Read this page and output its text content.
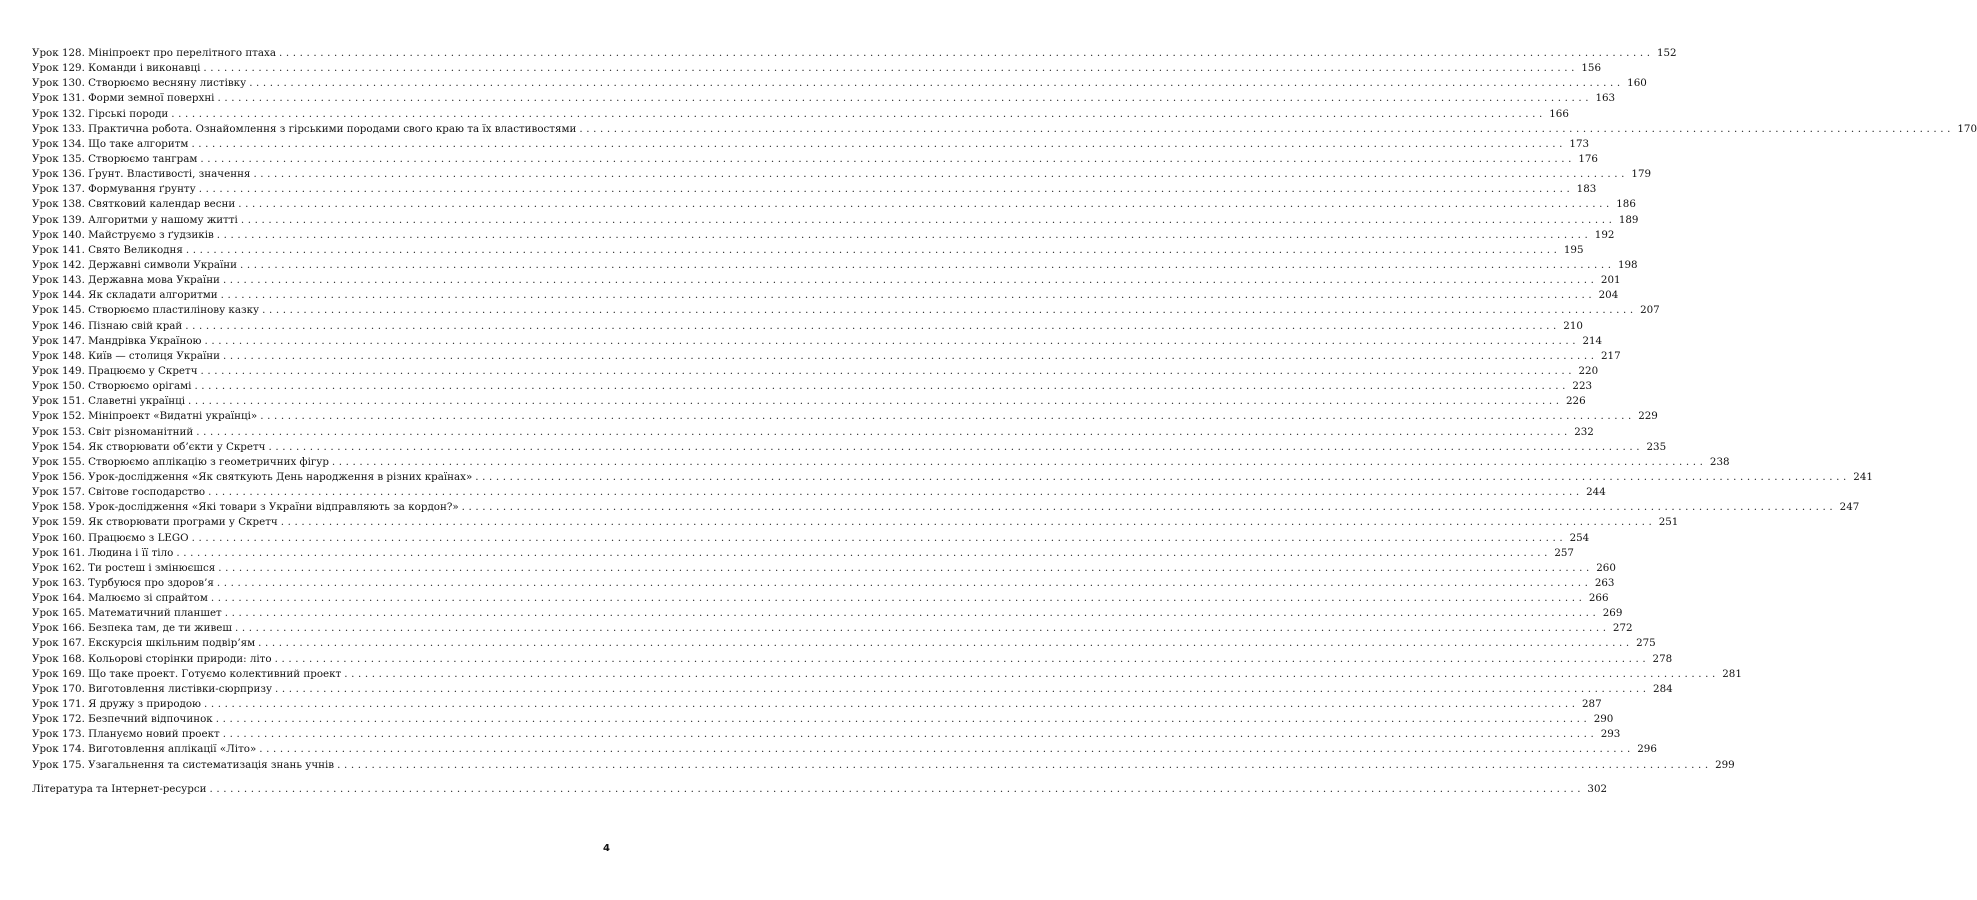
Урок 128. Мініпроект про перелітного птаха ........................................................................................................................................................................................................ 152
Урок 129. Команди і виконавці ........................................................................................................................................................................................................ 156
Урок 130. Створюємо весняну листівку ........................................................................................................................................................................................................ 160
Урок 131. Форми земної поверхні ........................................................................................................................................................................................................ 163
Урок 132. Гірські породи ........................................................................................................................................................................................................ 166
Урок 133. Практична робота. Ознайомлення з гірськими породами свого краю та їх властивостями ........................................................................................................................................................................................................ 170
Урок 134. Що таке алгоритм ........................................................................................................................................................................................................ 173
Урок 135. Створюємо танграм ........................................................................................................................................................................................................ 176
Урок 136. Ґрунт. Властивості, значення ........................................................................................................................................................................................................ 179
Урок 137. Формування ґрунту ........................................................................................................................................................................................................ 183
Урок 138. Святковий календар весни ........................................................................................................................................................................................................ 186
Урок 139. Алгоритми у нашому житті ........................................................................................................................................................................................................ 189
Урок 140. Майструємо з ґудзиків ........................................................................................................................................................................................................ 192
Урок 141. Свято Великодня ........................................................................................................................................................................................................ 195
Урок 142. Державні символи України ........................................................................................................................................................................................................ 198
Урок 143. Державна мова України ........................................................................................................................................................................................................ 201
Урок 144. Як складати алгоритми ........................................................................................................................................................................................................ 204
Урок 145. Створюємо пластилінову казку ........................................................................................................................................................................................................ 207
Урок 146. Пізнаю свій край ........................................................................................................................................................................................................ 210
Урок 147. Мандрівка Україною ........................................................................................................................................................................................................ 214
Урок 148. Київ — столиця України ........................................................................................................................................................................................................ 217
Урок 149. Працюємо у Скретч ........................................................................................................................................................................................................ 220
Урок 150. Створюємо орігамі ........................................................................................................................................................................................................ 223
Урок 151. Славетні українці ........................................................................................................................................................................................................ 226
Урок 152. Мініпроект «Видатні українці» ........................................................................................................................................................................................................ 229
Урок 153. Світ різноманітний ........................................................................................................................................................................................................ 232
Урок 154. Як створювати об’єкти у Скретч ........................................................................................................................................................................................................ 235
Урок 155. Створюємо аплікацію з геометричних фігур ........................................................................................................................................................................................................ 238
Урок 156. Урок-дослідження «Як святкують День народження в різних країнах» ........................................................................................................................................................................................................ 241
Урок 157. Світове господарство ........................................................................................................................................................................................................ 244
Урок 158. Урок-дослідження «Які товари з України відправляють за кордон?» ........................................................................................................................................................................................................ 247
Урок 159. Як створювати програми у Скретч ........................................................................................................................................................................................................ 251
Урок 160. Працюємо з LEGO ........................................................................................................................................................................................................ 254
Урок 161. Людина і її тіло ........................................................................................................................................................................................................ 257
Урок 162. Ти ростеш і змінюєшся ........................................................................................................................................................................................................ 260
Урок 163. Турбуюся про здоров’я ........................................................................................................................................................................................................ 263
Урок 164. Малюємо зі спрайтом ........................................................................................................................................................................................................ 266
Урок 165. Математичний планшет ........................................................................................................................................................................................................ 269
Урок 166. Безпека там, де ти живеш ........................................................................................................................................................................................................ 272
Урок 167. Екскурсія шкільним подвір’ям ........................................................................................................................................................................................................ 275
Урок 168. Кольорові сторінки природи: літо ........................................................................................................................................................................................................ 278
Урок 169. Що таке проект. Готуємо колективний проект ........................................................................................................................................................................................................ 281
Урок 170. Виготовлення листівки-сюрпризу ........................................................................................................................................................................................................ 284
Урок 171. Я дружу з природою ........................................................................................................................................................................................................ 287
Урок 172. Безпечний відпочинок ........................................................................................................................................................................................................ 290
Урок 173. Плануємо новий проект ........................................................................................................................................................................................................ 293
Урок 174. Виготовлення аплікації «Літо» ........................................................................................................................................................................................................ 296
Урок 175. Узагальнення та систематизація знань учнів ........................................................................................................................................................................................................ 299
Література та Інтернет-ресурси ........................................................................................................................................................................................................ 302
4
